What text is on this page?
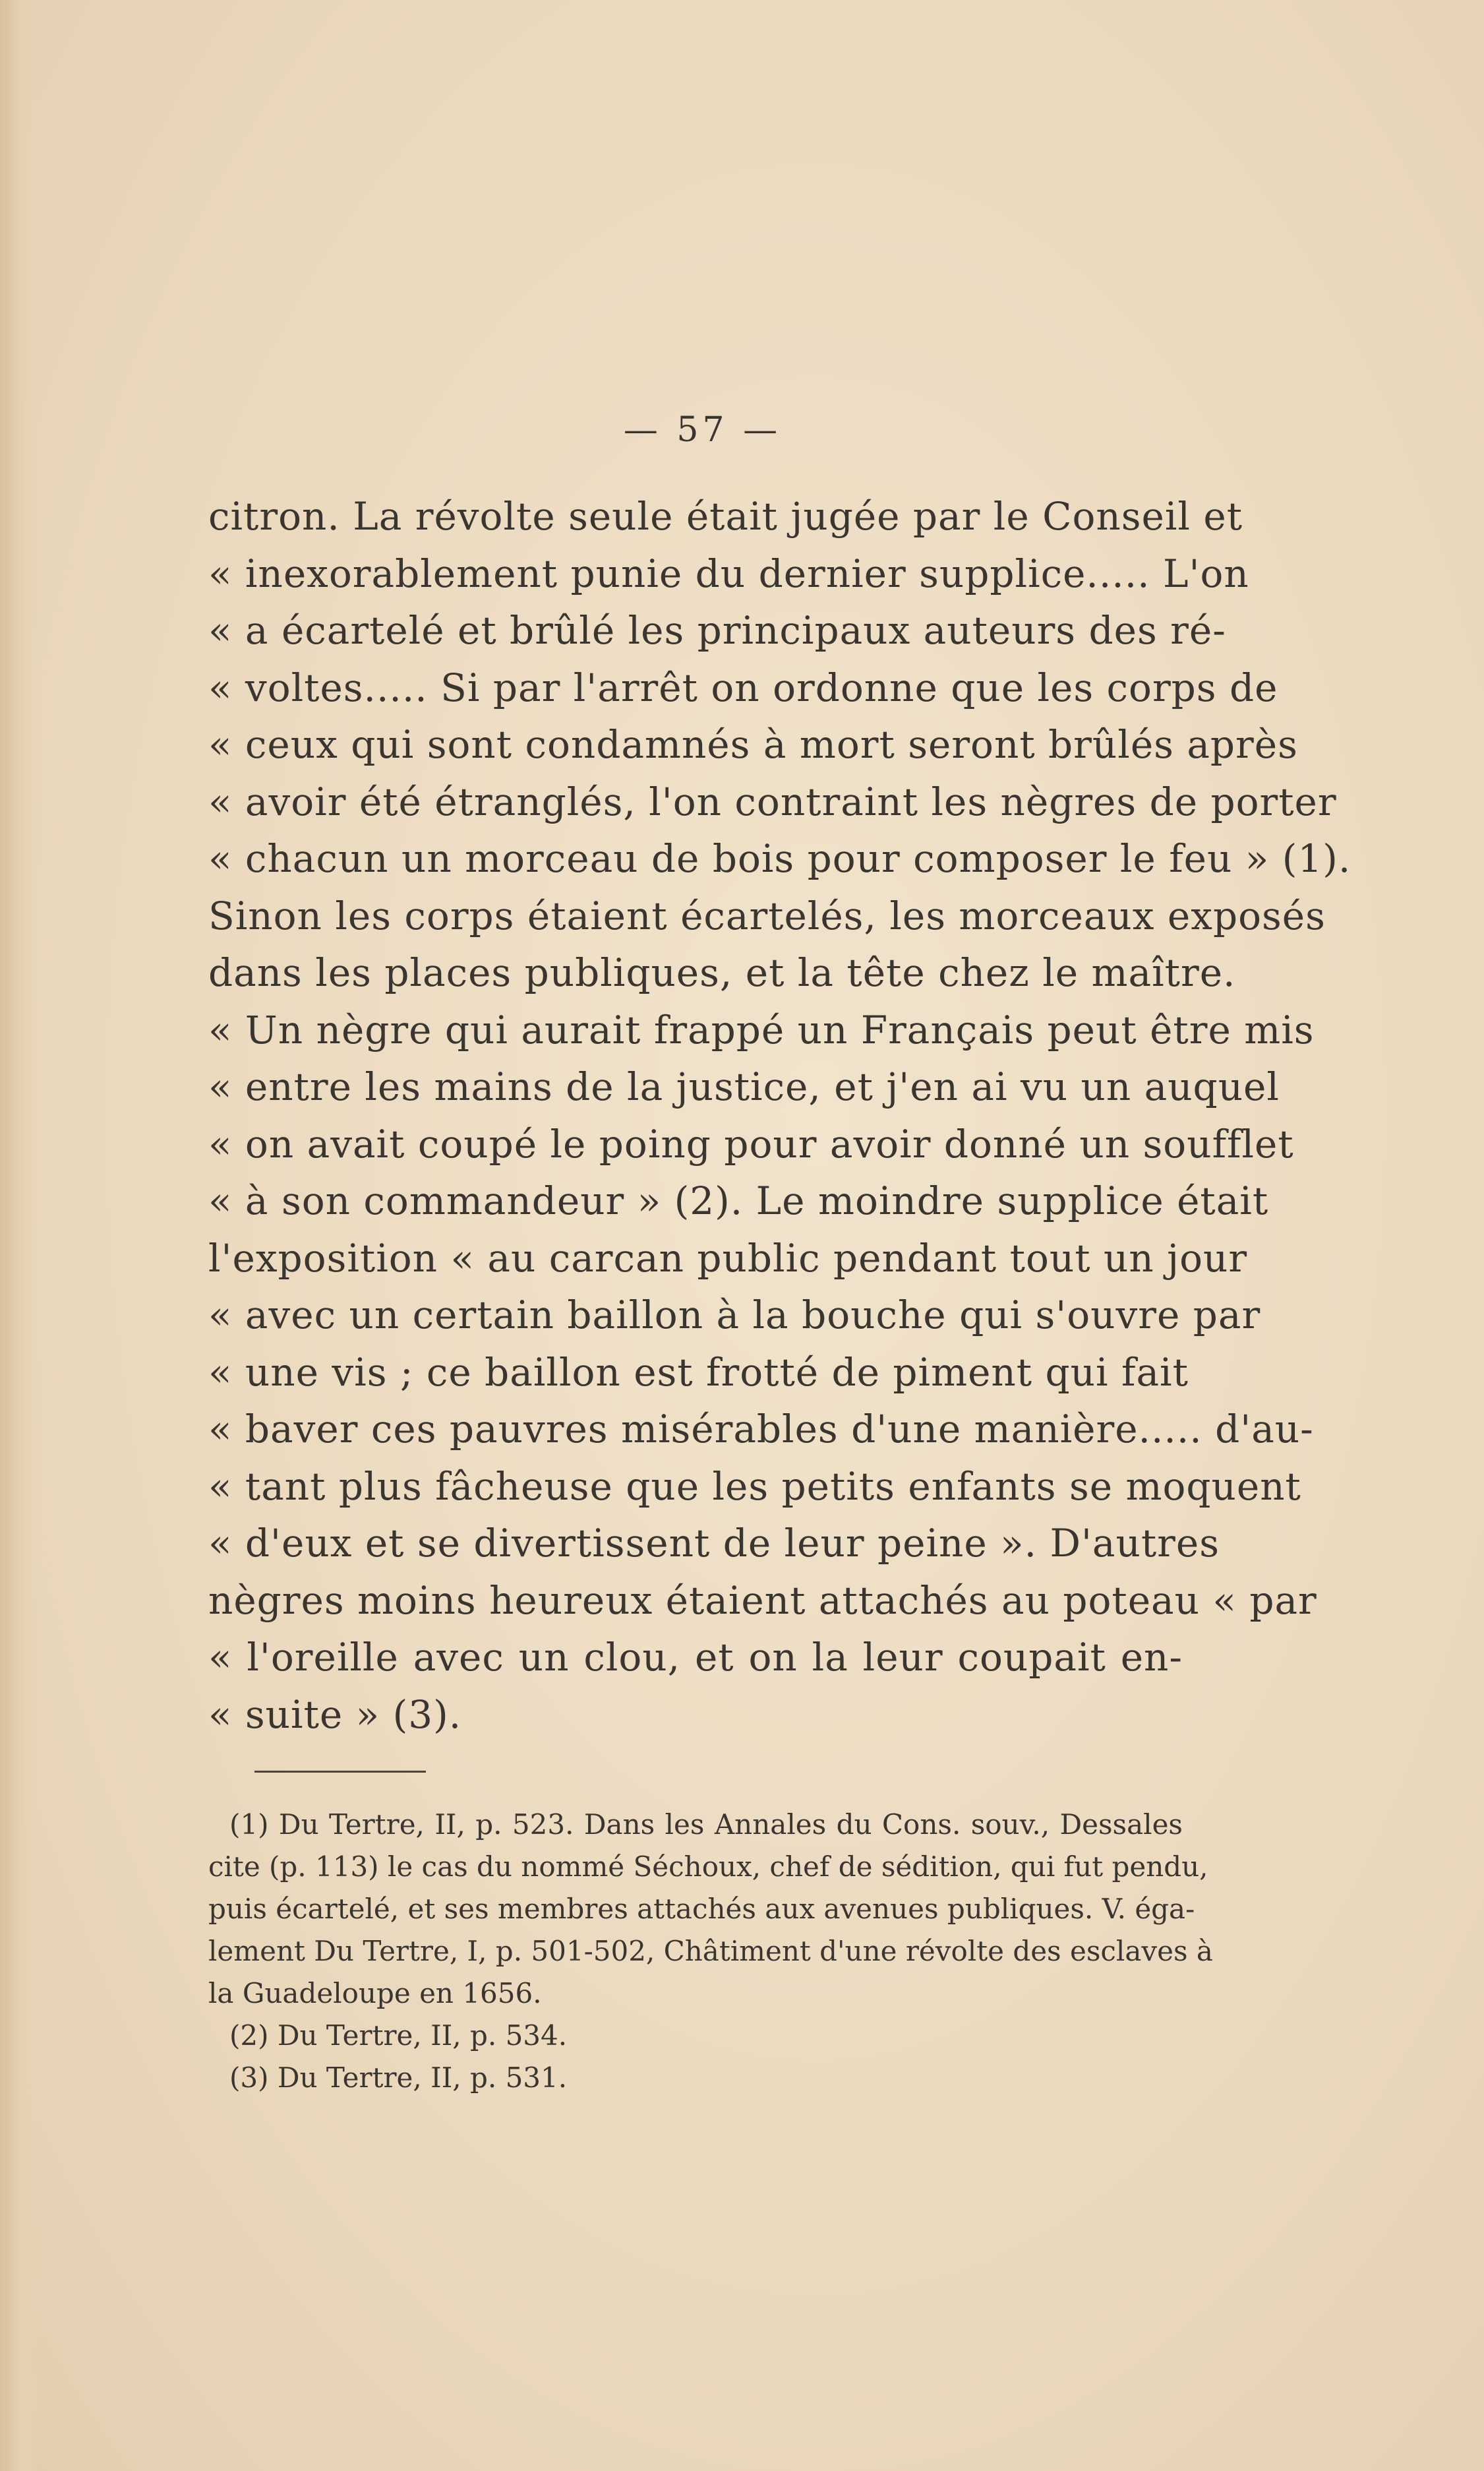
— 57 —
citron. La révolte seule était jugée par le Conseil et
« inexorablement punie du dernier supplice..... L'on
« a écartelé et brûlé les principaux auteurs des ré-
« voltes..... Si par l'arrêt on ordonne que les corps de
« ceux qui sont condamnés à mort seront brûlés après
« avoir été étranglés, l'on contraint les nègres de porter
« chacun un morceau de bois pour composer le feu » (1).
Sinon les corps étaient écartelés, les morceaux exposés
dans les places publiques, et la tête chez le maître.
« Un nègre qui aurait frappé un Français peut être mis
« entre les mains de la justice, et j'en ai vu un auquel
« on avait coupé le poing pour avoir donné un soufflet
« à son commandeur » (2). Le moindre supplice était
l'exposition « au carcan public pendant tout un jour
« avec un certain baillon à la bouche qui s'ouvre par
« une vis ; ce baillon est frotté de piment qui fait
« baver ces pauvres misérables d'une manière..... d'au-
« tant plus fâcheuse que les petits enfants se moquent
« d'eux et se divertissent de leur peine ». D'autres
nègres moins heureux étaient attachés au poteau « par
« l'oreille avec un clou, et on la leur coupait en-
« suite » (3).
(1) Du Tertre, II, p. 523. Dans les Annales du Cons. souv., Dessales
cite (p. 113) le cas du nommé Séchoux, chef de sédition, qui fut pendu,
puis écartelé, et ses membres attachés aux avenues publiques. V. éga-
lement Du Tertre, I, p. 501-502, Châtiment d'une révolte des esclaves à
la Guadeloupe en 1656.
(2) Du Tertre, II, p. 534.
(3) Du Tertre, II, p. 531.
